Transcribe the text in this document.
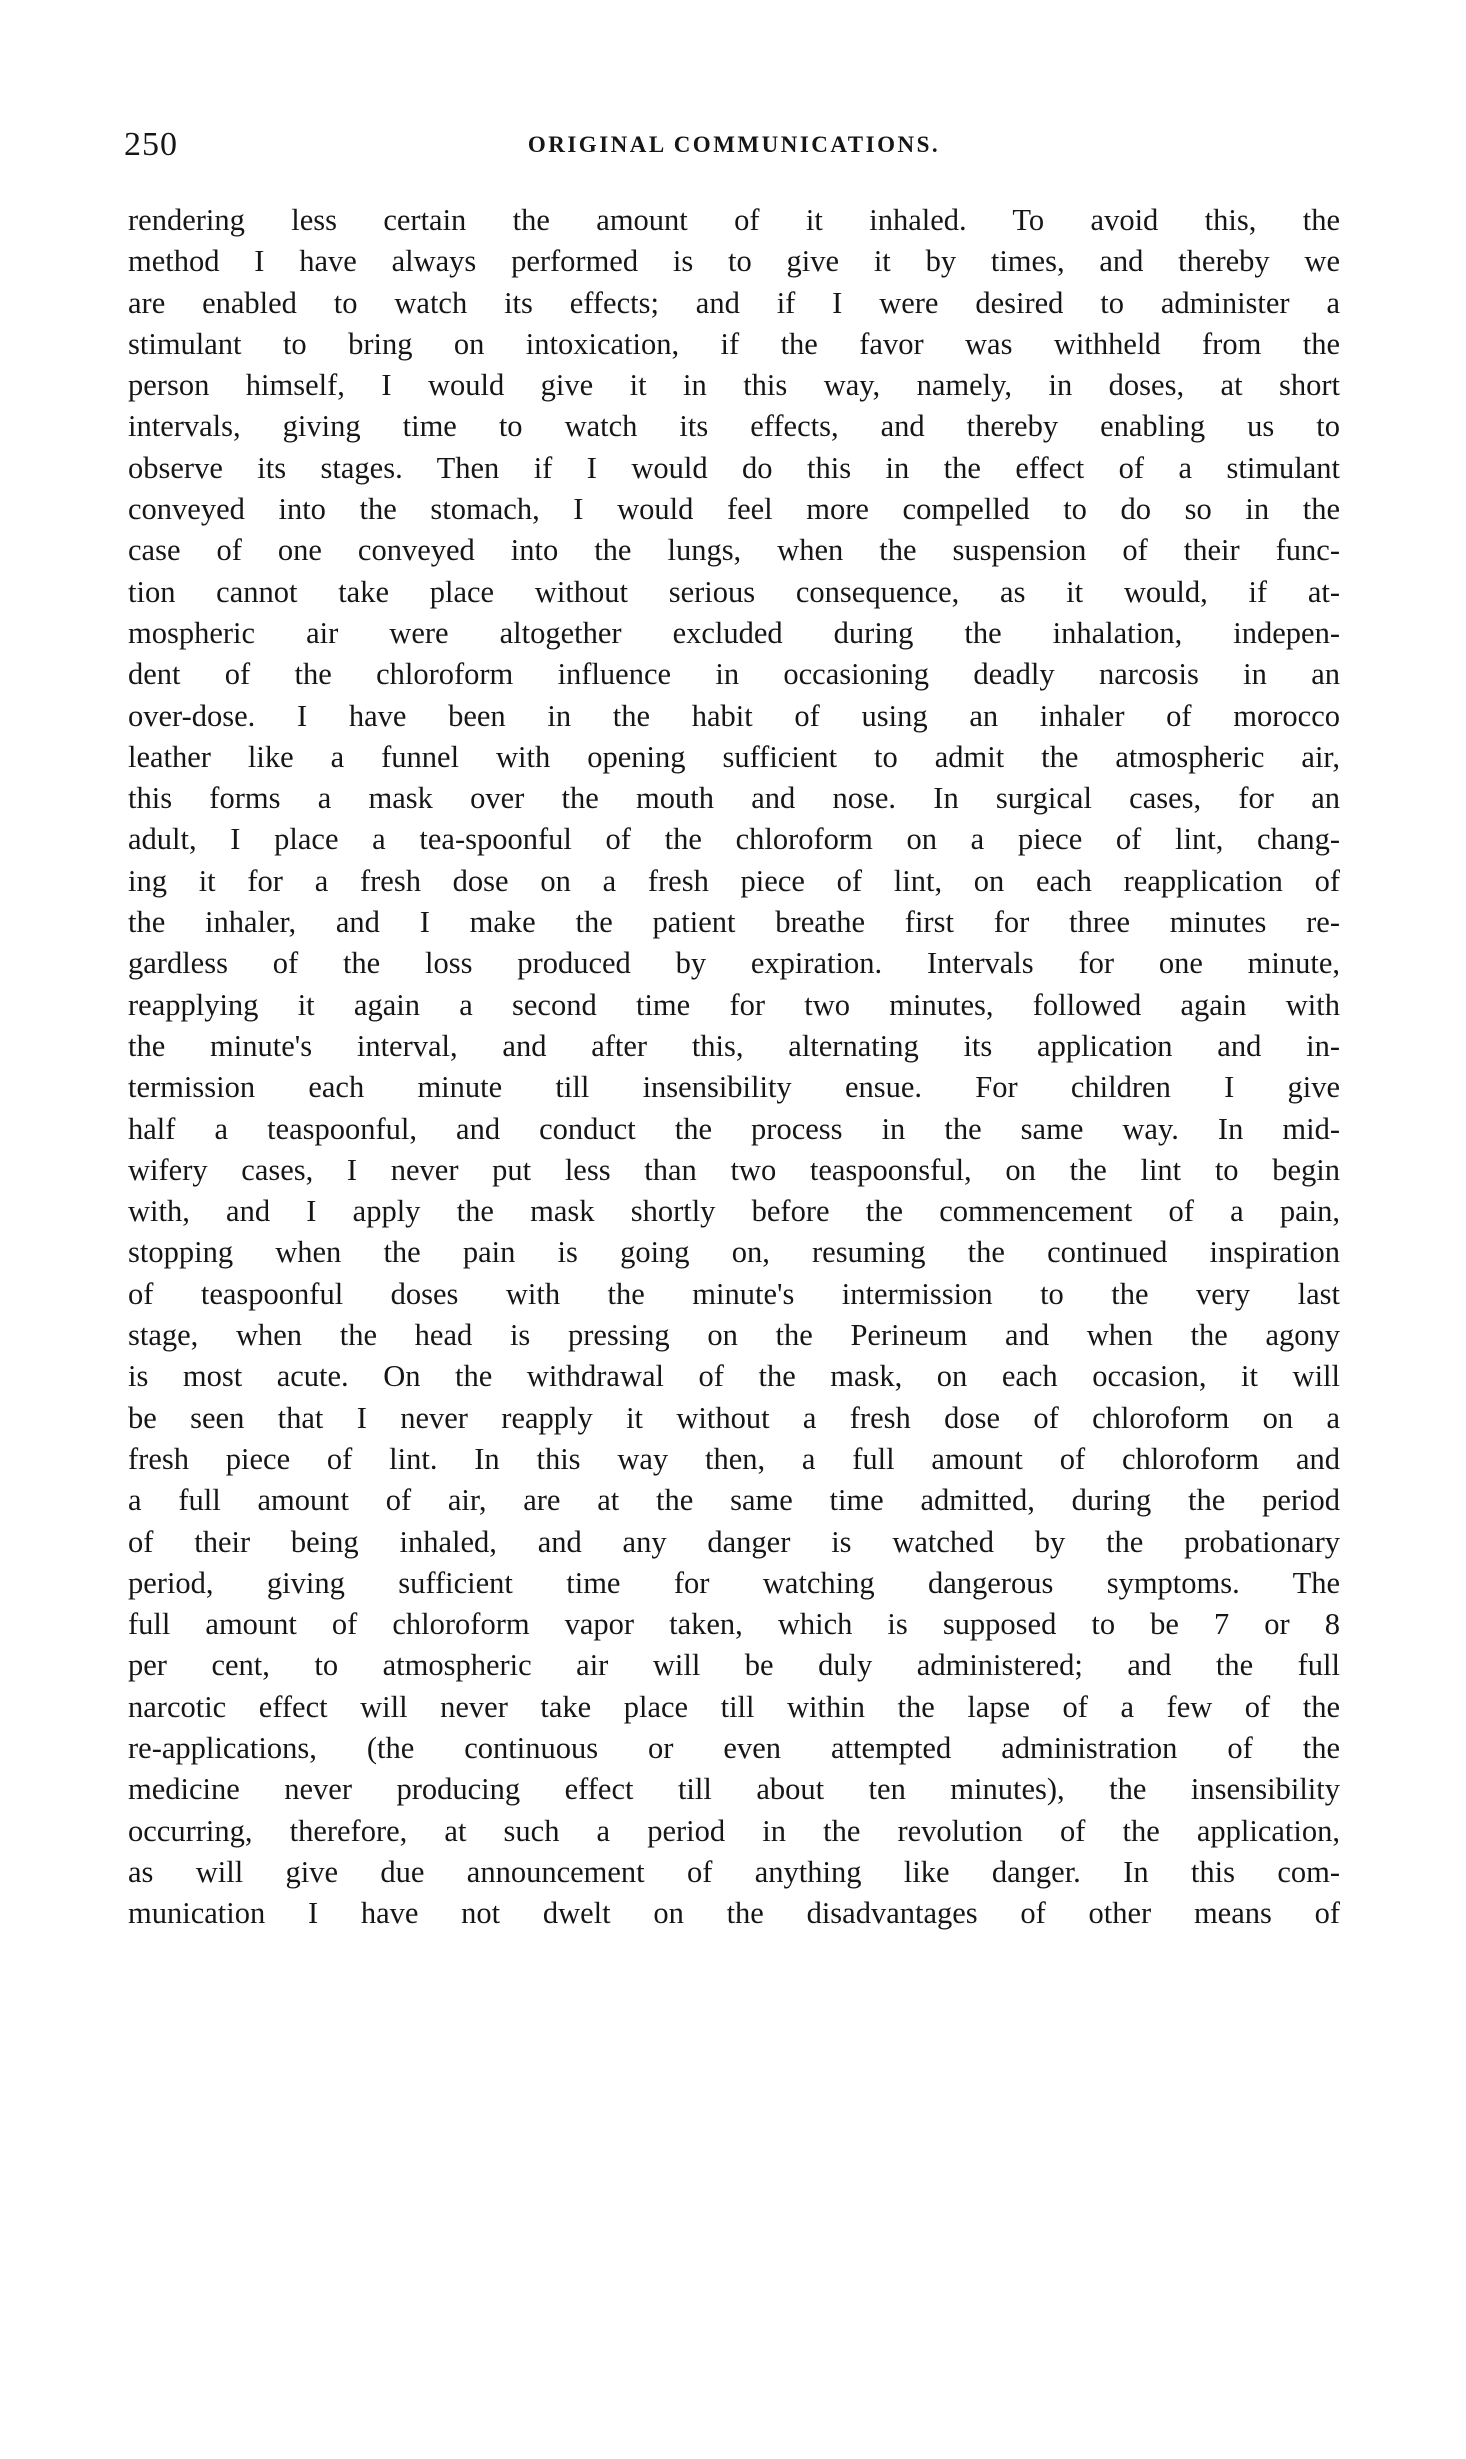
250	ORIGINAL COMMUNICATIONS.
rendering less certain the amount of it inhaled. To avoid this, the
method I have always performed is to give it by times, and thereby we
are enabled to watch its effects; and if I were desired to administer a
stimulant to bring on intoxication, if the favor was withheld from the
person himself, I would give it in this way, namely, in doses, at short
intervals, giving time to watch its effects, and thereby enabling us to
observe its stages. Then if I would do this in the effect of a stimulant
conveyed into the stomach, I would feel more compelled to do so in the
case of one conveyed into the lungs, when the suspension of their func-
tion cannot take place without serious consequence, as it would, if at-
mospheric air were altogether excluded during the inhalation, indepen-
dent of the chloroform influence in occasioning deadly narcosis in an
over-dose. I have been in the habit of using an inhaler of morocco
leather like a funnel with opening sufficient to admit the atmospheric air,
this forms a mask over the mouth and nose. In surgical cases, for an
adult, I place a tea-spoonful of the chloroform on a piece of lint, chang-
ing it for a fresh dose on a fresh piece of lint, on each reapplication of
the inhaler, and I make the patient breathe first for three minutes re-
gardless of the loss produced by expiration. Intervals for one minute,
reapplying it again a second time for two minutes, followed again with
the minute's interval, and after this, alternating its application and in-
termission each minute till insensibility ensue. For children I give
half a teaspoonful, and conduct the process in the same way. In mid-
wifery cases, I never put less than two teaspoonsful, on the lint to begin
with, and I apply the mask shortly before the commencement of a pain,
stopping when the pain is going on, resuming the continued inspiration
of teaspoonful doses with the minute's intermission to the very last
stage, when the head is pressing on the Perineum and when the agony
is most acute. On the withdrawal of the mask, on each occasion, it will
be seen that I never reapply it without a fresh dose of chloroform on a
fresh piece of lint. In this way then, a full amount of chloroform and
a full amount of air, are at the same time admitted, during the period
of their being inhaled, and any danger is watched by the probationary
period, giving sufficient time for watching dangerous symptoms. The
full amount of chloroform vapor taken, which is supposed to be 7 or 8
per cent, to atmospheric air will be duly administered; and the full
narcotic effect will never take place till within the lapse of a few of the
re-applications, (the continuous or even attempted administration of the
medicine never producing effect till about ten minutes), the insensibility
occurring, therefore, at such a period in the revolution of the application,
as will give due announcement of anything like danger. In this com-
munication I have not dwelt on the disadvantages of other means of
